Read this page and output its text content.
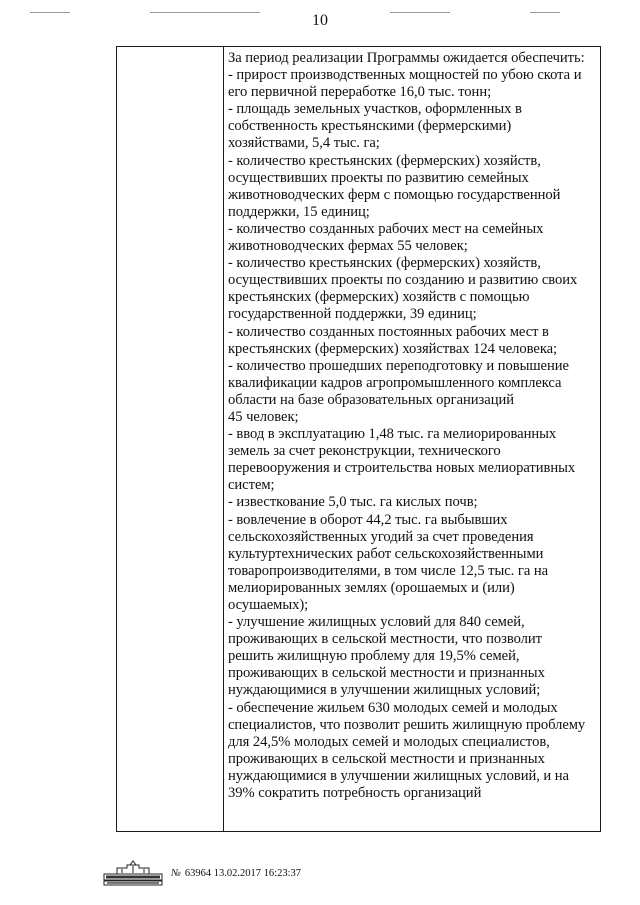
10
За период реализации Программы ожидается обеспечить:
- прирост производственных мощностей по убою скота и
его первичной переработке 16,0 тыс. тонн;
- площадь земельных участков, оформленных в
собственность крестьянскими (фермерскими)
хозяйствами, 5,4 тыс. га;
- количество крестьянских (фермерских) хозяйств,
осуществивших проекты по развитию семейных
животноводческих ферм с помощью государственной
поддержки, 15 единиц;
- количество созданных рабочих мест на семейных
животноводческих фермах 55 человек;
- количество крестьянских (фермерских) хозяйств,
осуществивших проекты по созданию и развитию своих
крестьянских (фермерских) хозяйств с помощью
государственной поддержки, 39 единиц;
- количество созданных постоянных рабочих мест в
крестьянских (фермерских) хозяйствах 124 человека;
- количество прошедших переподготовку и повышение
квалификации кадров агропромышленного комплекса
области на базе образовательных организаций
45 человек;
- ввод в эксплуатацию 1,48 тыс. га мелиорированных
земель за счет реконструкции, технического
перевооружения и строительства новых мелиоративных
систем;
- известкование 5,0 тыс. га кислых почв;
- вовлечение в оборот 44,2 тыс. га выбывших
сельскохозяйственных угодий за счет проведения
культуртехнических работ сельскохозяйственными
товаропроизводителями, в том числе 12,5 тыс. га на
мелиорированных землях (орошаемых и (или)
осушаемых);
- улучшение жилищных условий для 840 семей,
проживающих в сельской местности, что позволит
решить жилищную проблему для 19,5% семей,
проживающих в сельской местности и признанных
нуждающимися в улучшении жилищных условий;
- обеспечение жильем 630 молодых семей и молодых
специалистов, что позволит решить жилищную проблему
для 24,5% молодых семей и молодых специалистов,
проживающих в сельской местности и признанных
нуждающимися в улучшении жилищных условий, и на
39% сократить потребность организаций
№ 63964 13.02.2017 16:23:37
